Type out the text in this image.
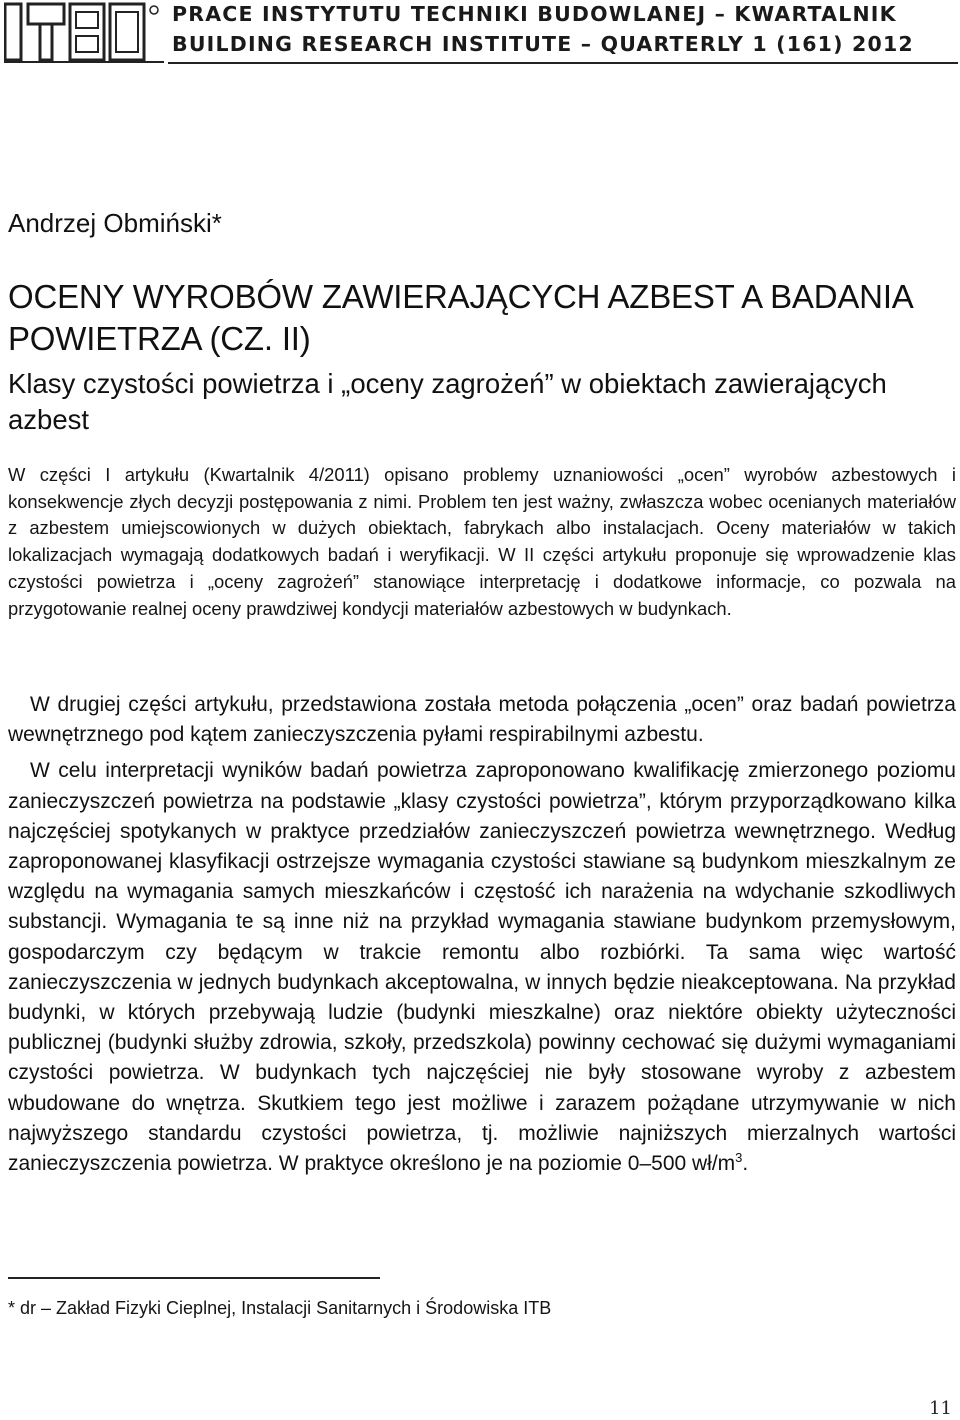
PRACE INSTYTUTU TECHNIKI BUDOWLANEJ – KWARTALNIK
BUILDING RESEARCH INSTITUTE – QUARTERLY 1 (161) 2012
Andrzej Obmiński*
OCENY WYROBÓW ZAWIERAJĄCYCH AZBEST A BADANIA POWIETRZA (CZ. II)
Klasy czystości powietrza i „oceny zagrożeń” w obiektach zawierających azbest

W części I artykułu (Kwartalnik 4/2011) opisano problemy uznaniowości „ocen” wyrobów azbestowych i konsekwencje złych decyzji postępowania z nimi. Problem ten jest ważny, zwłaszcza wobec ocenianych materiałów z azbestem umiejscowionych w dużych obiektach, fabrykach albo instalacjach. Oceny materiałów w takich lokalizacjach wymagają dodatkowych badań i weryfikacji. W II części artykułu proponuje się wprowadzenie klas czystości powietrza i „oceny zagrożeń” stanowiące interpretację i dodatkowe informacje, co pozwala na przygotowanie realnej oceny prawdziwej kondycji materiałów azbestowych w budynkach.

W drugiej części artykułu, przedstawiona została metoda połączenia „ocen” oraz badań powietrza wewnętrznego pod kątem zanieczyszczenia pyłami respirabilnymi azbestu.

W celu interpretacji wyników badań powietrza zaproponowano kwalifikację zmierzonego poziomu zanieczyszczeń powietrza na podstawie „klasy czystości powietrza”, którym przyporządkowano kilka najczęściej spotykanych w praktyce przedziałów zanieczyszczeń powietrza wewnętrznego. Według zaproponowanej klasyfikacji ostrzejsze wymagania czystości stawiane są budynkom mieszkalnym ze względu na wymagania samych mieszkańców i częstość ich narażenia na wdychanie szkodliwych substancji. Wymagania te są inne niż na przykład wymagania stawiane budynkom przemysłowym, gospodarczym czy będącym w trakcie remontu albo rozbiórki. Ta sama więc wartość zanieczyszczenia w jednych budynkach akceptowalna, w innych będzie nieakceptowana. Na przykład budynki, w których przebywają ludzie (budynki mieszkalne) oraz niektóre obiekty użyteczności publicznej (budynki służby zdrowia, szkoły, przedszkola) powinny cechować się dużymi wymaganiami czystości powietrza. W budynkach tych najczęściej nie były stosowane wyroby z azbestem wbudowane do wnętrza. Skutkiem tego jest możliwe i zarazem pożądane utrzymywanie w nich najwyższego standardu czystości powietrza, tj. możliwie najniższych mierzalnych wartości zanieczyszczenia powietrza. W praktyce określono je na poziomie 0–500 $wł/m^3$.

* dr – Zakład Fizyki Cieplnej, Instalacji Sanitarnych i Środowiska ITB
11
